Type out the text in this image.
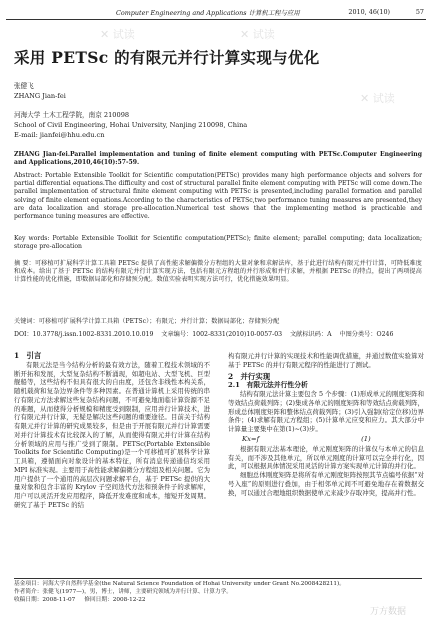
Computer Engineering and Applications 计算机工程与应用	2010, 46(10)	57
✕ 试读	✕ 试读
✕ 试读
采用 PETSc 的有限元并行计算实现与优化
张健飞
ZHANG Jian-fei
河海大学 土木工程学院，南京 210098
School of Civil Engineering, Hohai University, Nanjing 210098, China
E-mail: jianfei@hhu.edu.cn
ZHANG Jian-fei.Parallel implementation and tuning of finite element computing with PETSc.Computer Engineering and Applications,2010,46(10):57-59.
Abstract: Portable Extensible Toolkit for Scientific computation(PETSc) provides many high performance objects and solvers for partial differential equations.The difficulty and cost of structural parallel finite element computing with PETSc will come down.The parallel implementation of structural finite element computing with PETSc is presented,including parallel formation and parallel solving of finite element equations.According to the characteristics of PETSc,two performance tuning measures are presented,they are data localization and storage pre-allocation.Numerical test shows that the implementing method is practicable and performance tuning measures are effective.
Key words: Portable Extensible Toolkit for Scientific computation(PETSc); finite element; parallel computing; data localization; storage pre-allocation
摘 要：可移植可扩展科学计算工具箱 PETSc 提供了高性能求解偏微分方程组的大量对象和求解法库，基于此进行结构有限元并行计算，可降低难度和成本。给出了基于 PETSc 的结构有限元并行计算实现方法，包括有限元方程组的并行形成和并行求解，并根据 PETSc 的特点，提出了两项提高计算性能的优化措施，即数据局部化和存储预分配。数值实验表明实现方法可行，优化措施效果明显。
关键词：可移植可扩展科学计算工具箱（PETSc）；有限元；并行计算；数据局部化；存储预分配
DOI：10.3778/j.issn.1002-8331.2010.10.019 文章编号：1002-8331(2010)10-0057-03 文献标识码：A 中图分类号：O246
1　引言
有限元法是当今结构分析的最有效方法，随着工程技术领域的不断开拓和发展，大型复杂结构不断涌现，如超电站、大型飞机、巨型舰船等，这些结构不但具有很大的自由度，还包含非线性本构关系，随机载荷和复杂边界条件等多种因素。在普通计算机上采用传统的串行有限元方法求解这些复杂结构问题，不可避免地面临计算资源不足的难题，从而使得分析规模和精度受到限制，应用并行计算技术，进行有限元并行计算，无疑是解决这些问题的重要途径。目前关于结构有限元并行计算的研究成果较多，但是由于开展有限元并行计算需要对并行计算技术有比较深入的了解，从而使得有限元并行计算在结构分析领域的应用与推广受到了限制。PETSc(Portable Extensible Toolkits for Scientific Computing)是一个可移植可扩展科学计算工具箱，遵循面向对象设计的基本特征，所有消息传递通信均采用 MPI 标准实现。主要用于高性能求解偏微分方程组及相关问题。它为用户提供了一个通用的高层次问题求解平台，基于 PETSc 提供的大量对象和包含丰富的 Krylov 子空间迭代方法和预条件子的求解库，用户可以灵活开发应用程序，降低开发难度和成本，缩短开发周期。研究了基于 PETSc 的结
构有限元并行计算的实现技术和性能调优措施，并通过数值实验算对基于 PETSc 的并行有限元程序的性能进行了测试。
2　并行实现
2.1　有限元法并行性分析
结构有限元法计算主要包含 5 个步骤：(1)形成单元的刚度矩阵和等效结点荷载列阵；(2)集成各单元的刚度矩阵和等效结点荷载列阵，形成总体刚度矩阵和整体结点荷载列阵；(3)引入强制(给定位移)边界条件；(4)求解有限元方程组；(5)计算单元应变和应力。其大部分中计算量主要集中在第(1)~(3)步。
Kx=f　　　　　　　　　　　　　　　(1)
根据有限元法基本理论，单元刚度矩阵的计算仅与本单元的信息有关，而不涉及其他单元，所以单元刚度的计算可以完全并行化，因此，可以根据具体情况采用灵活的计算方案实现单元计算的并行化。
细胞总体刚度矩阵是将所有单元刚度矩阵按照其节点编号依据“对号入座”的原则进行叠加，由于相邻单元间不可避免地存在着数据交换，可以通过合理地组织数据使单元来减少存取冲突，提高并行性。
基金项目：河海大学自然科学基金(the Natural Science Foundation of Hohai University under Grant No.2008428211)。
作者简介：张健飞(1977—)，男，博士，讲师，主要研究领域为并行计算、计算力学。
收稿日期：2008-11-07 修回日期：2008-12-22
万方数据
